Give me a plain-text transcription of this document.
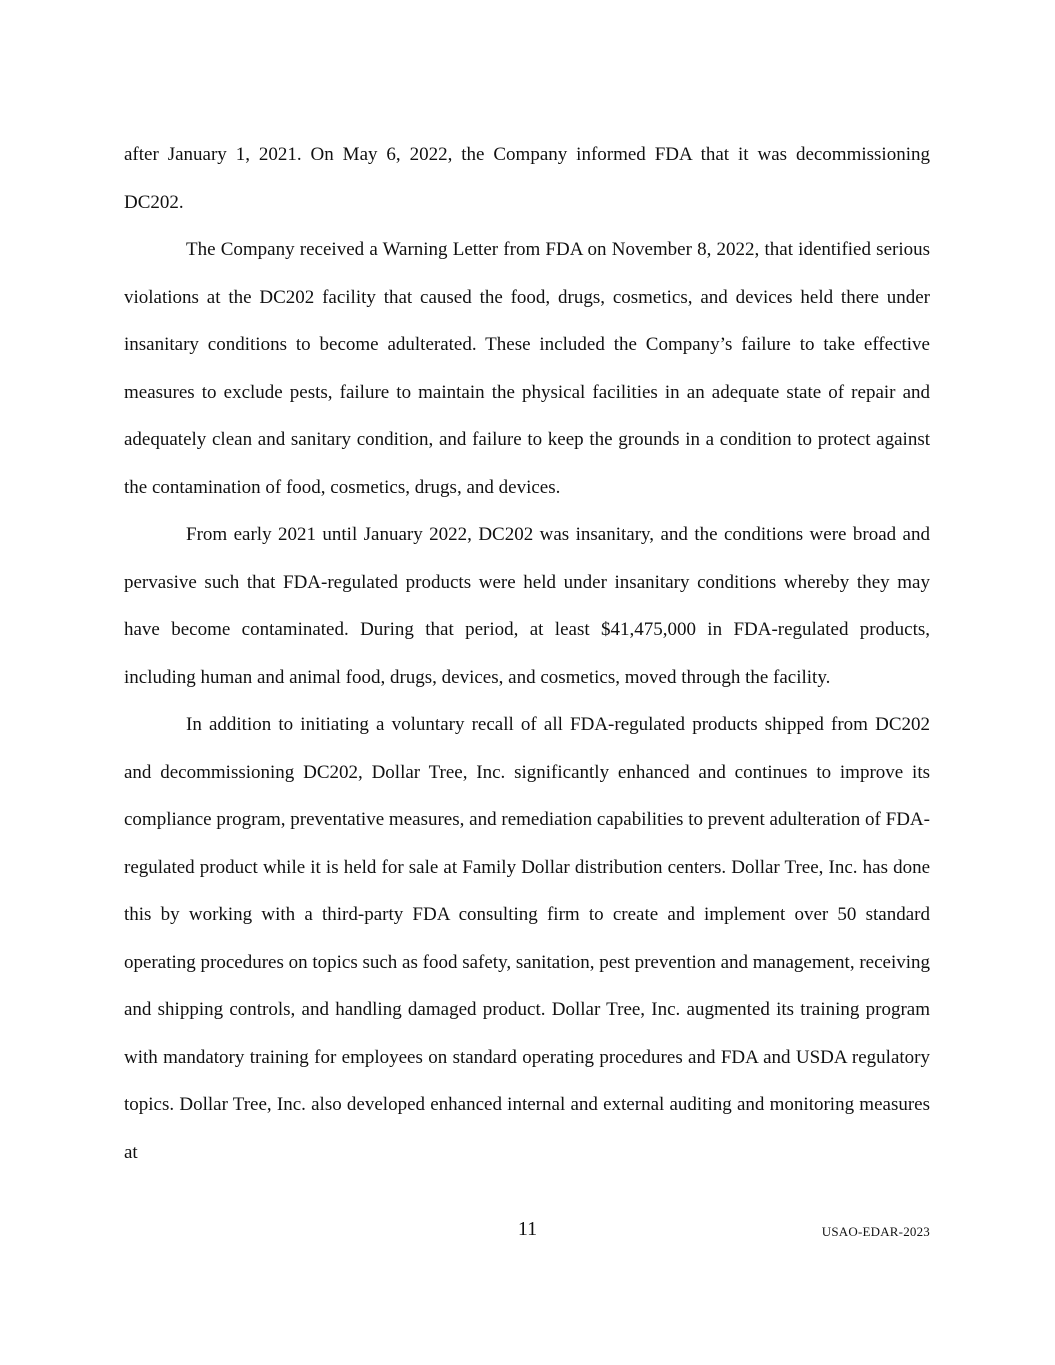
after January 1, 2021. On May 6, 2022, the Company informed FDA that it was decommissioning DC202.

The Company received a Warning Letter from FDA on November 8, 2022, that identified serious violations at the DC202 facility that caused the food, drugs, cosmetics, and devices held there under insanitary conditions to become adulterated. These included the Company’s failure to take effective measures to exclude pests, failure to maintain the physical facilities in an adequate state of repair and adequately clean and sanitary condition, and failure to keep the grounds in a condition to protect against the contamination of food, cosmetics, drugs, and devices.

From early 2021 until January 2022, DC202 was insanitary, and the conditions were broad and pervasive such that FDA-regulated products were held under insanitary conditions whereby they may have become contaminated. During that period, at least $41,475,000 in FDA-regulated products, including human and animal food, drugs, devices, and cosmetics, moved through the facility.

In addition to initiating a voluntary recall of all FDA-regulated products shipped from DC202 and decommissioning DC202, Dollar Tree, Inc. significantly enhanced and continues to improve its compliance program, preventative measures, and remediation capabilities to prevent adulteration of FDA-regulated product while it is held for sale at Family Dollar distribution centers. Dollar Tree, Inc. has done this by working with a third-party FDA consulting firm to create and implement over 50 standard operating procedures on topics such as food safety, sanitation, pest prevention and management, receiving and shipping controls, and handling damaged product. Dollar Tree, Inc. augmented its training program with mandatory training for employees on standard operating procedures and FDA and USDA regulatory topics. Dollar Tree, Inc. also developed enhanced internal and external auditing and monitoring measures at

11	USAO-EDAR-2023
